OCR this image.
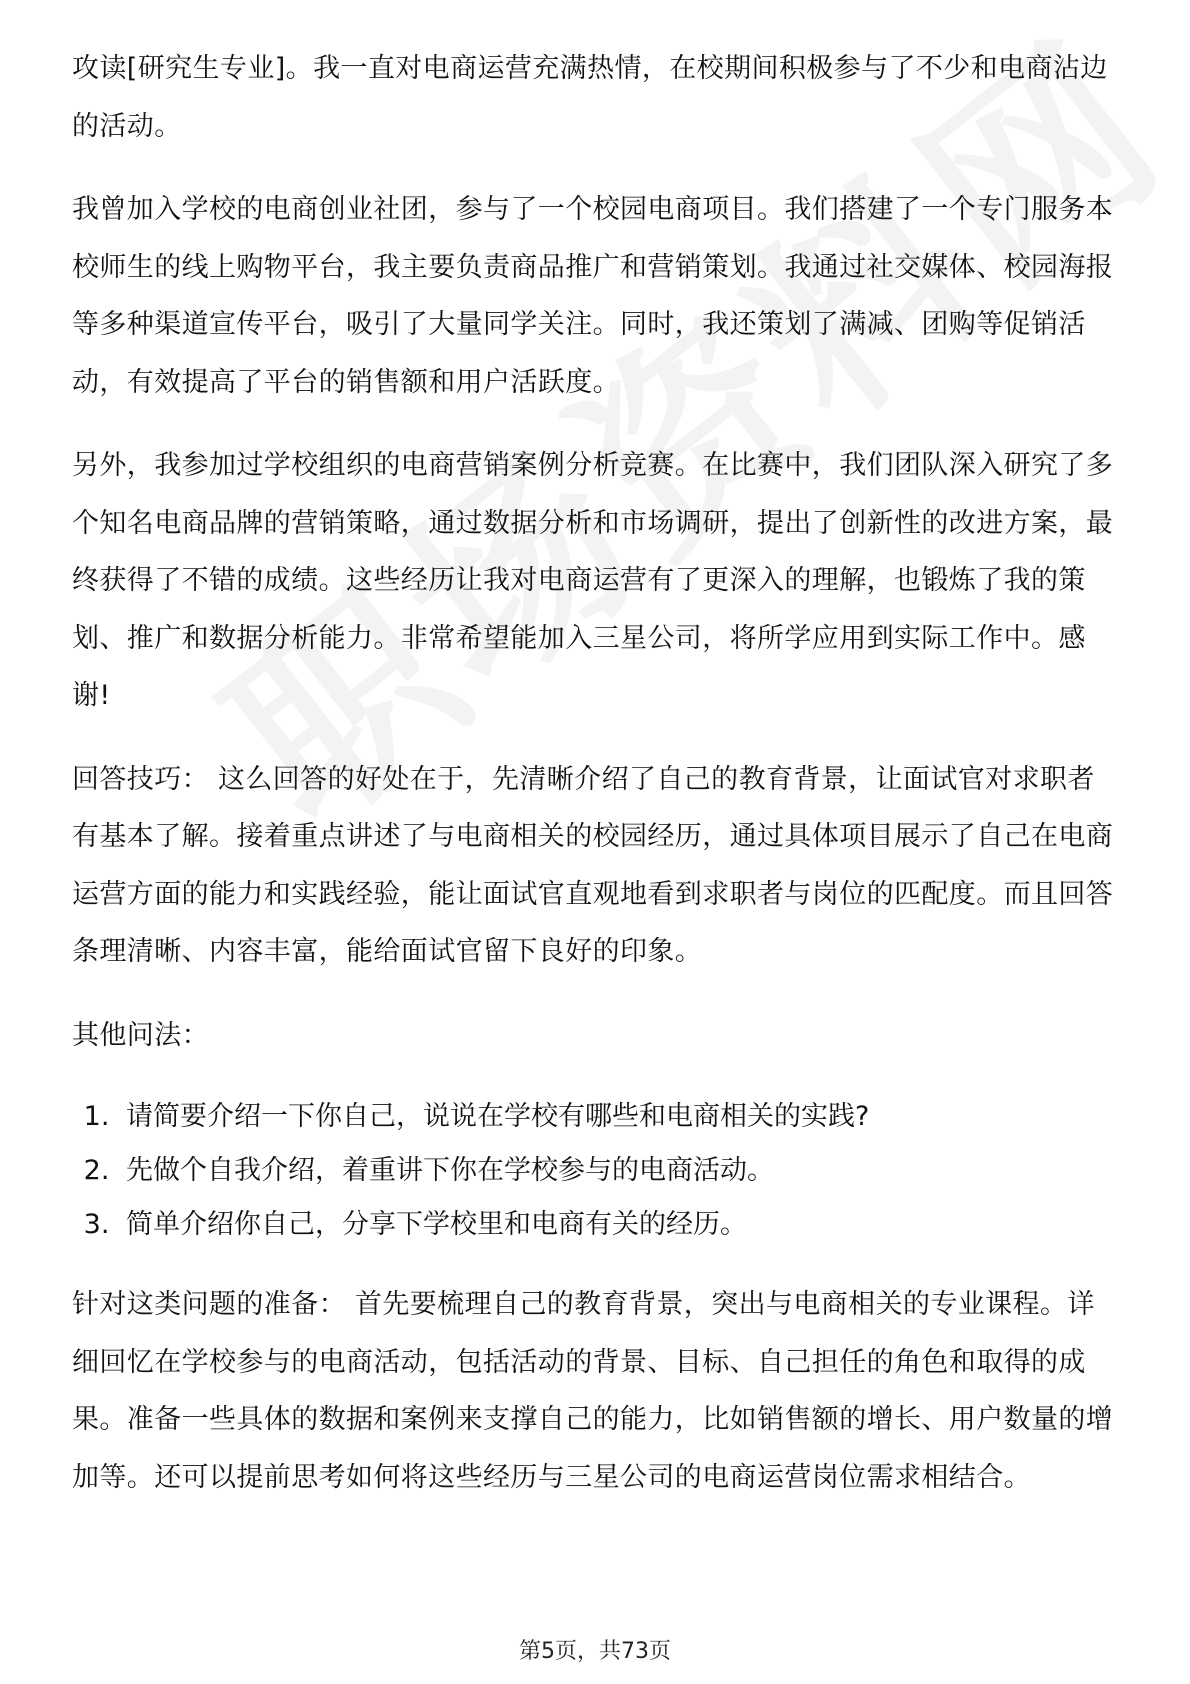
攻读[研究生专业]。我一直对电商运营充满热情，在校期间积极参与了不少和电商沾边的活动。

我曾加入学校的电商创业社团，参与了一个校园电商项目。我们搭建了一个专门服务本校师生的线上购物平台，我主要负责商品推广和营销策划。我通过社交媒体、校园海报等多种渠道宣传平台，吸引了大量同学关注。同时，我还策划了满减、团购等促销活动，有效提高了平台的销售额和用户活跃度。

另外，我参加过学校组织的电商营销案例分析竞赛。在比赛中，我们团队深入研究了多个知名电商品牌的营销策略，通过数据分析和市场调研，提出了创新性的改进方案，最终获得了不错的成绩。这些经历让我对电商运营有了更深入的理解，也锻炼了我的策划、推广和数据分析能力。非常希望能加入三星公司，将所学应用到实际工作中。感谢!

回答技巧： 这么回答的好处在于，先清晰介绍了自己的教育背景，让面试官对求职者有基本了解。接着重点讲述了与电商相关的校园经历，通过具体项目展示了自己在电商运营方面的能力和实践经验，能让面试官直观地看到求职者与岗位的匹配度。而且回答条理清晰、内容丰富，能给面试官留下良好的印象。

其他问法：

1. 请简要介绍一下你自己，说说在学校有哪些和电商相关的实践?
2. 先做个自我介绍，着重讲下你在学校参与的电商活动。
3. 简单介绍你自己，分享下学校里和电商有关的经历。

针对这类问题的准备： 首先要梳理自己的教育背景，突出与电商相关的专业课程。详细回忆在学校参与的电商活动，包括活动的背景、目标、自己担任的角色和取得的成果。准备一些具体的数据和案例来支撑自己的能力，比如销售额的增长、用户数量的增加等。还可以提前思考如何将这些经历与三星公司的电商运营岗位需求相结合。

第5页，共73页
